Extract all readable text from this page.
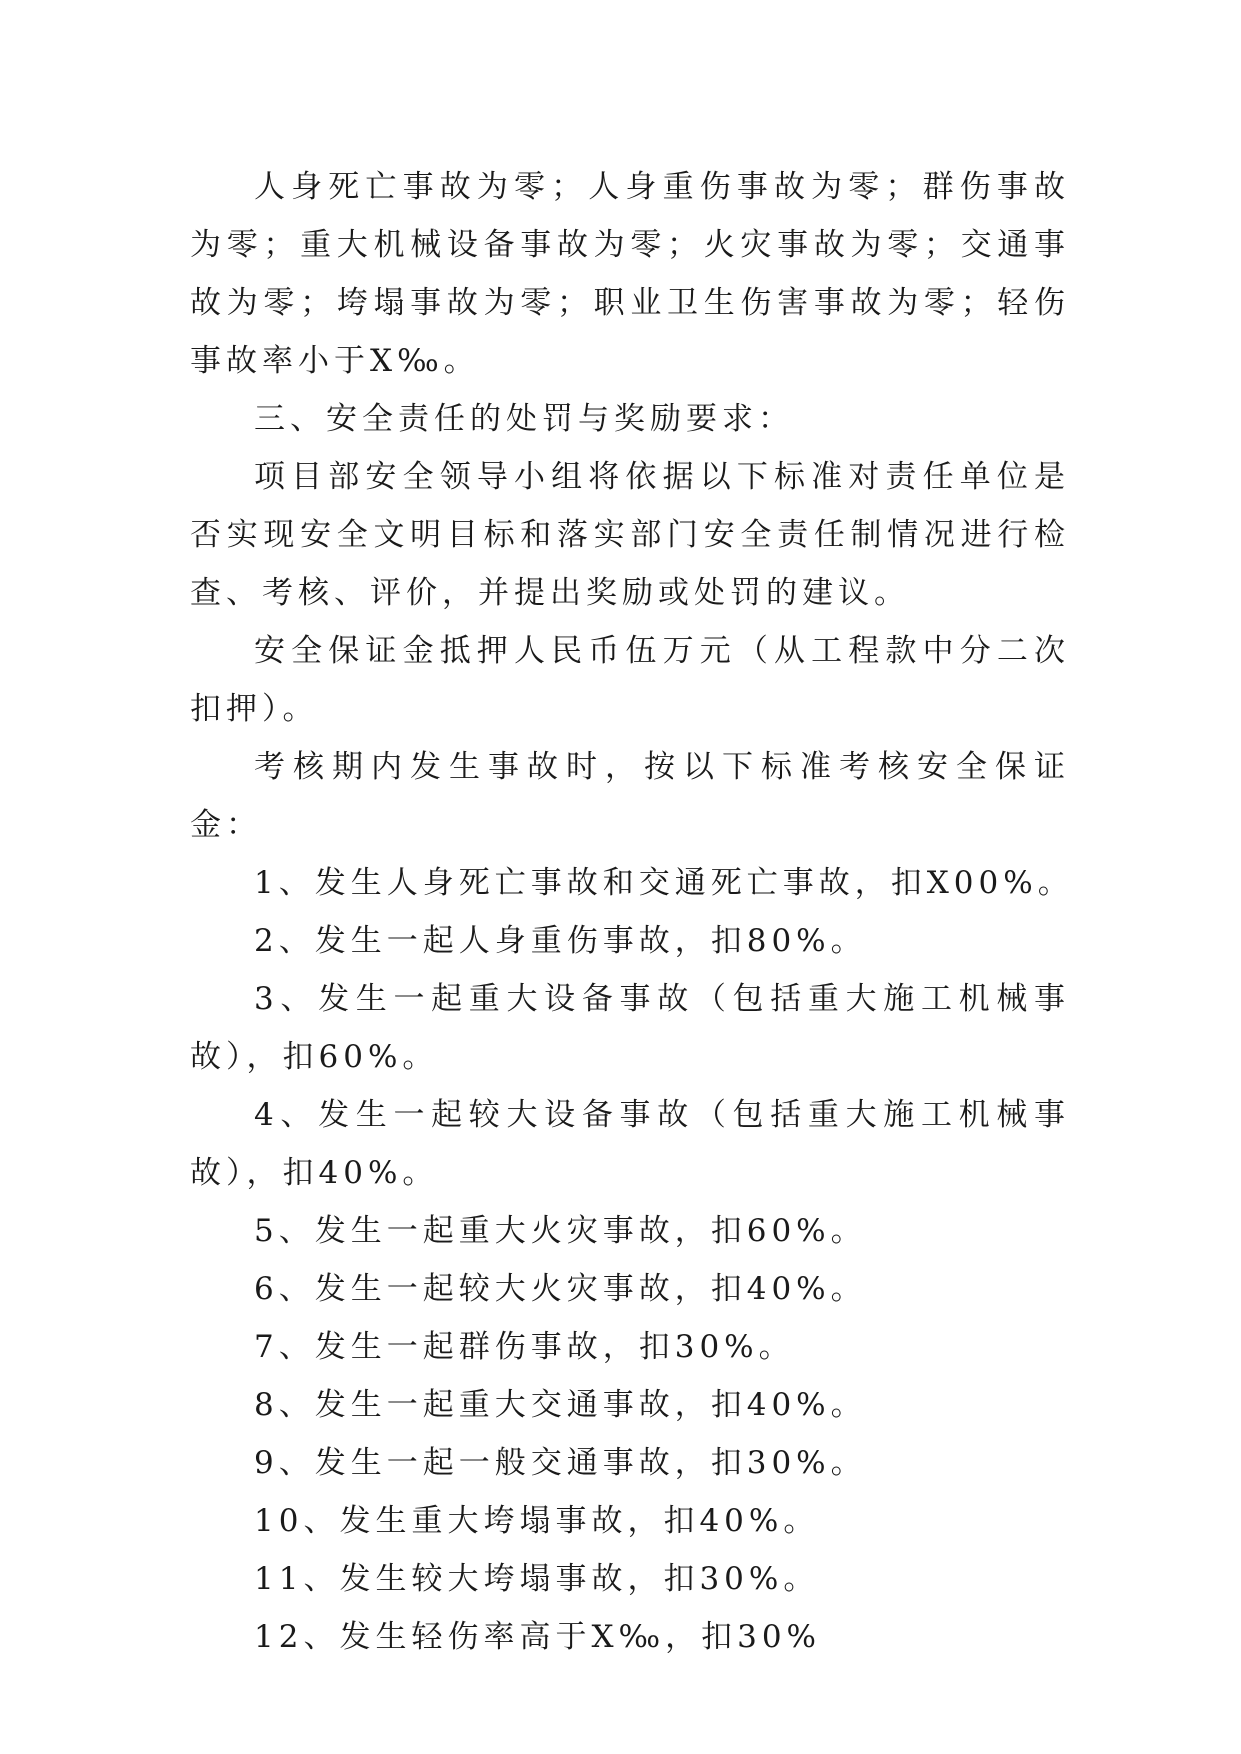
人身死亡事故为零；人身重伤事故为零；群伤事故为零；重大机械设备事故为零；火灾事故为零；交通事故为零；垮塌事故为零；职业卫生伤害事故为零；轻伤事故率小于X‰。

三、安全责任的处罚与奖励要求：

项目部安全领导小组将依据以下标准对责任单位是否实现安全文明目标和落实部门安全责任制情况进行检查、考核、评价，并提出奖励或处罚的建议。

安全保证金抵押人民币伍万元（从工程款中分二次扣押）。

考核期内发生事故时，按以下标准考核安全保证金：

1、发生人身死亡事故和交通死亡事故，扣X00%。

2、发生一起人身重伤事故，扣80%。

3、发生一起重大设备事故（包括重大施工机械事故），扣60%。

4、发生一起较大设备事故（包括重大施工机械事故），扣40%。

5、发生一起重大火灾事故，扣60%。

6、发生一起较大火灾事故，扣40%。

7、发生一起群伤事故，扣30%。

8、发生一起重大交通事故，扣40%。

9、发生一起一般交通事故，扣30%。

10、发生重大垮塌事故，扣40%。

11、发生较大垮塌事故，扣30%。

12、发生轻伤率高于X‰，扣30%
